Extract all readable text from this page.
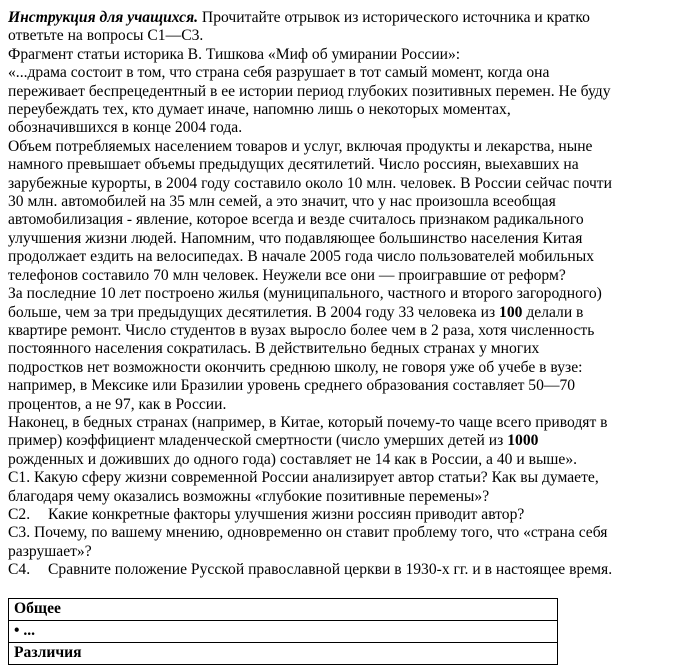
Инструкция для учащихся. Прочитайте отрывок из исторического источника и кратко
ответьте на вопросы С1—С3.

Фрагмент статьи историка В. Тишкова «Миф об умирании России»:

«...драма состоит в том, что страна себя разрушает в тот самый момент, когда она
переживает беспрецедентный в ее истории период глубоких позитивных перемен. Не буду
переубеждать тех, кто думает иначе, напомню лишь о некоторых моментах,
обозначившихся в конце 2004 года.

Объем потребляемых населением товаров и услуг, включая продукты и лекарства, ныне
намного превышает объемы предыдущих десятилетий. Число россиян, выехавших на
зарубежные курорты, в 2004 году составило около 10 млн. человек. В России сейчас почти
30 млн. автомобилей на 35 млн семей, а это значит, что у нас произошла всеобщая
автомобилизация - явление, которое всегда и везде считалось признаком радикального
улучшения жизни людей. Напомним, что подавляющее большинство населения Китая
продолжает ездить на велосипедах. В начале 2005 года число пользователей мобильных
телефонов составило 70 млн человек. Неужели все они — проигравшие от реформ?

За последние 10 лет построено жилья (муниципального, частного и второго загородного)
больше, чем за три предыдущих десятилетия. В 2004 году 33 человека из 100 делали в
квартире ремонт. Число студентов в вузах выросло более чем в 2 раза, хотя численность
постоянного населения сократилась. В действительно бедных странах у многих
подростков нет возможности окончить среднюю школу, не говоря уже об учебе в вузе:
например, в Мексике или Бразилии уровень среднего образования составляет 50—70
процентов, а не 97, как в России.

Наконец, в бедных странах (например, в Китае, который почему-то чаще всего приводят в
пример) коэффициент младенческой смертности (число умерших детей из 1000
рожденных и доживших до одного года) составляет не 14 как в России, а 40 и выше».

С1. Какую сферу жизни современной России анализирует автор статьи? Как вы думаете,
благодаря чему оказались возможны «глубокие позитивные перемены»?

С2. Какие конкретные факторы улучшения жизни россиян приводит автор?

С3. Почему, по вашему мнению, одновременно он ставит проблему того, что «страна себя
разрушает»?

С4. Сравните положение Русской православной церкви в 1930-х гг. и в настоящее время.

Общее
• ...
Различия
